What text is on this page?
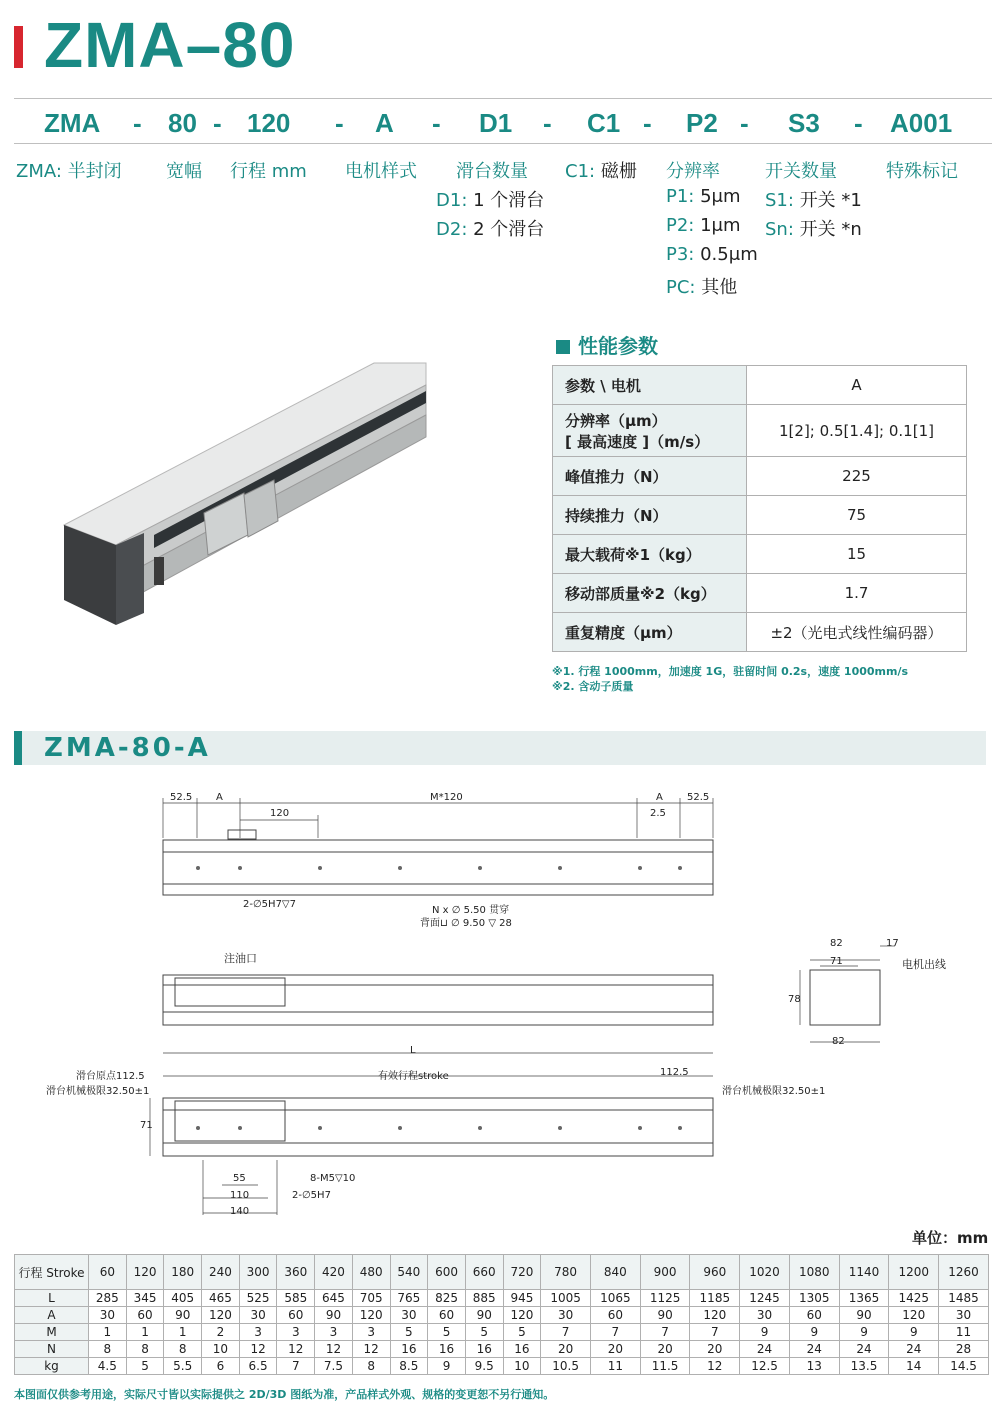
ZMA–80
ZMA - 80 - 120 - A - D1 - C1 - P2 - S3 - A001
ZMA: 半封闭 宽幅 行程 mm 电机样式 滑台数量
D1: 1 个滑台
D2: 2 个滑台
C1: 磁栅 分辨率
P1: 5μm
P2: 1μm
P3: 0.5μm
PC: 其他
开关数量
S1: 开关 *1
Sn: 开关 *n
特殊标记
性能参数
参数 \ 电机	A

分辨率（μm）
[ 最高速度 ]（m/s）	1[2]; 0.5[1.4]; 0.1[1]
峰值推力（N）	225
持续推力（N）	75
最大载荷※1（kg）	15
移动部质量※2（kg）	1.7
重复精度（μm）	±2（光电式线性编码器）
※1. 行程 1000mm，加速度 1G，驻留时间 0.2s，速度 1000mm/s
※2. 含动子质量
ZMA-80-A
52.5 A	M*120	A 52.5
120	2.5
2-∅5H7▽7
N x ∅ 5.50 贯穿
背面⊔ ∅ 9.50 ▽ 28
注油口
82	17
71
78
82
电机出线
L
滑台原点112.5
滑台机械极限32.50±1
有效行程stroke	112.5
滑台机械极限32.50±1
71
55
110
140
8-M5▽10
2-∅5H7
单位：mm
行程 Stroke	60	120	180	240	300	360	420	480	540	600	660	720	780	840	900	960	1020	1080	1140	1200	1260
L	285	345	405	465	525	585	645	705	765	825	885	945	1005	1065	1125	1185	1245	1305	1365	1425	1485
A	30	60	90	120	30	60	90	120	30	60	90	120	30	60	90	120	30	60	90	120	30
M	1	1	1	2	3	3	3	3	5	5	5	5	7	7	7	7	9	9	9	9	11
N	8	8	8	10	12	12	12	12	16	16	16	16	20	20	20	20	24	24	24	24	28
kg	4.5	5	5.5	6	6.5	7	7.5	8	8.5	9	9.5	10	10.5	11	11.5	12	12.5	13	13.5	14	14.5
本图面仅供参考用途，实际尺寸皆以实际提供之 2D/3D 图纸为准，产品样式外观、规格的变更恕不另行通知。
